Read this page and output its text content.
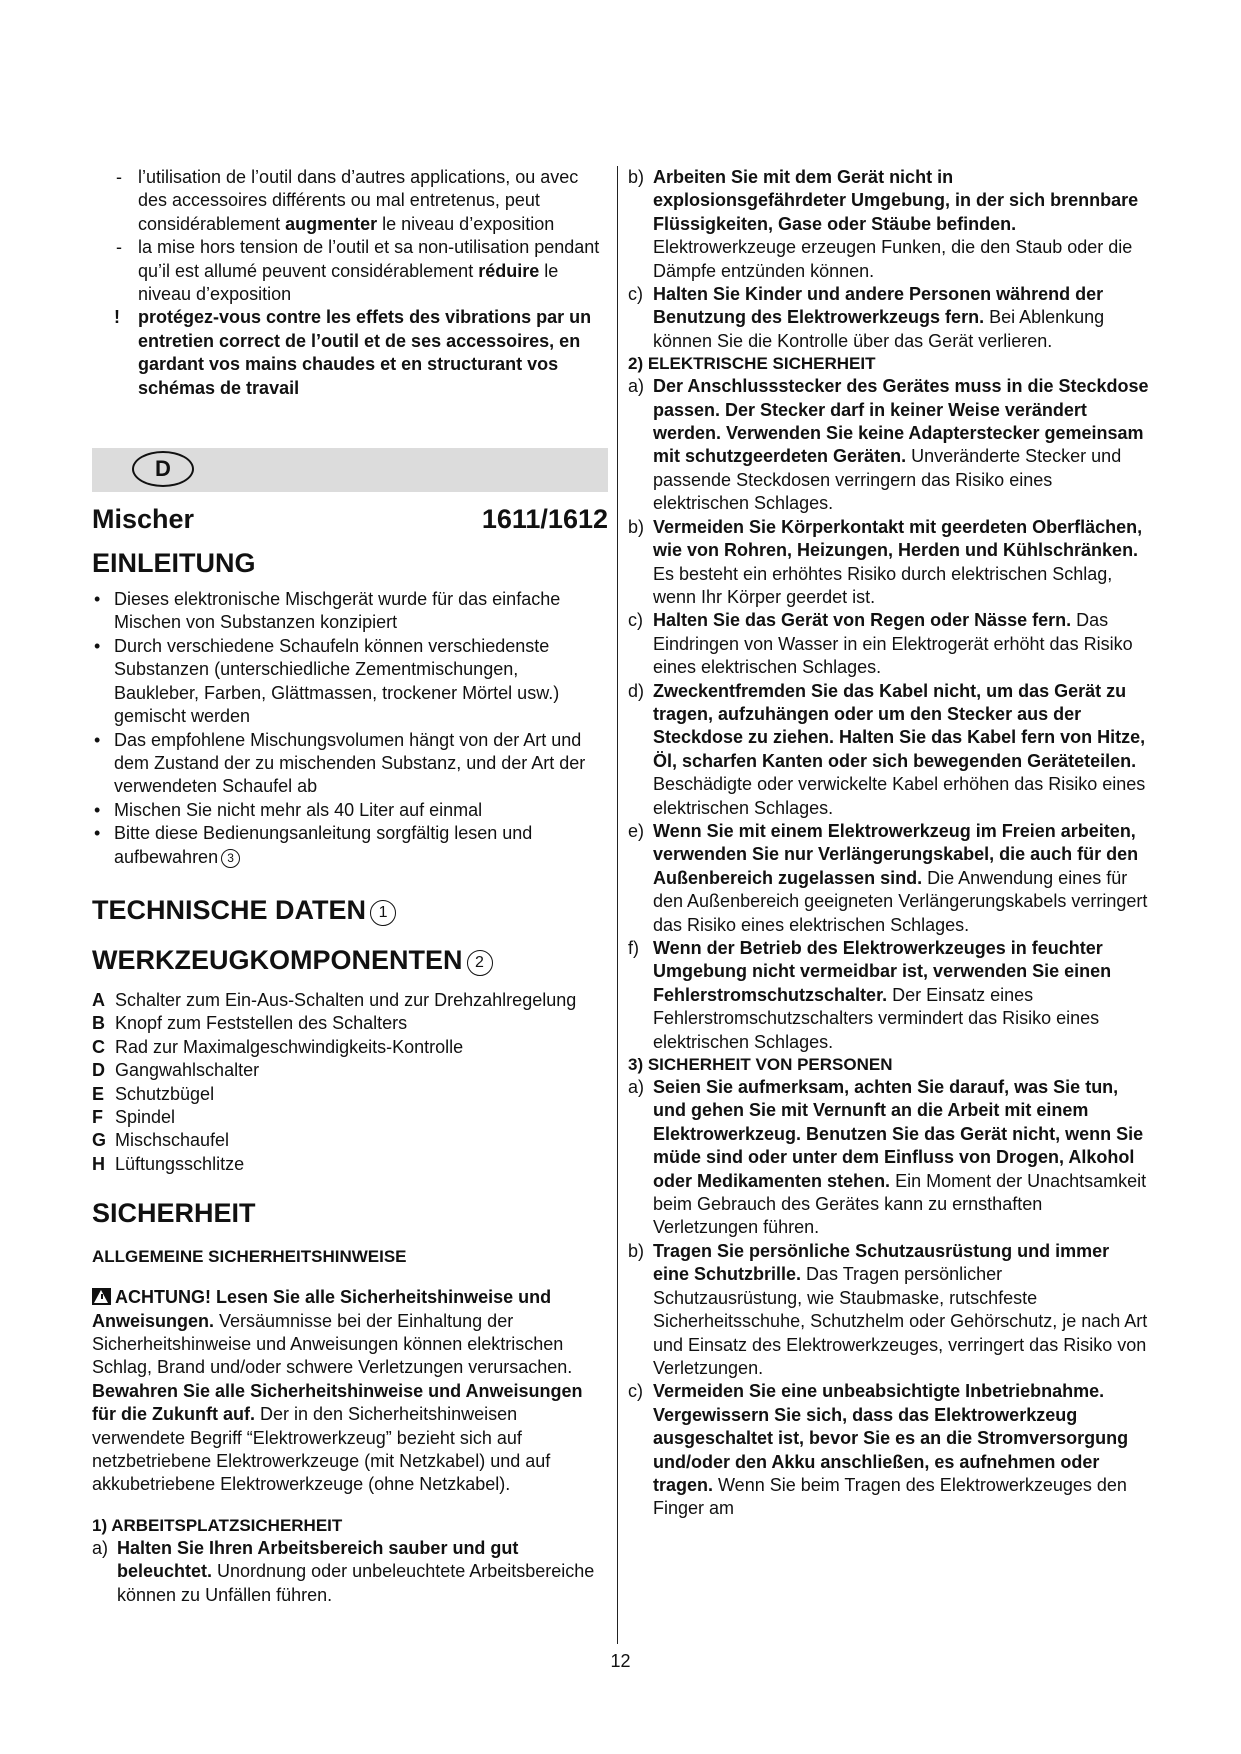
- l’utilisation de l’outil dans d’autres applications, ou avec des accessoires différents ou mal entretenus, peut considérablement augmenter le niveau d’exposition

- la mise hors tension de l’outil et sa non-utilisation pendant qu’il est allumé peuvent considérablement réduire le niveau d’exposition

! protégez-vous contre les effets des vibrations par un entretien correct de l’outil et de ses accessoires, en gardant vos mains chaudes et en structurant vos schémas de travail

D
Mischer	1611/1612
EINLEITUNG

• Dieses elektronische Mischgerät wurde für das einfache Mischen von Substanzen konzipiert

• Durch verschiedene Schaufeln können verschiedenste Substanzen (unterschiedliche Zementmischungen, Baukleber, Farben, Glättmassen, trockener Mörtel usw.) gemischt werden

• Das empfohlene Mischungsvolumen hängt von der Art und dem Zustand der zu mischenden Substanz, und der Art der verwendeten Schaufel ab

• Mischen Sie nicht mehr als 40 Liter auf einmal

• Bitte diese Bedienungsanleitung sorgfältig lesen und aufbewahren 3

TECHNISCHE DATEN 1
WERKZEUGKOMPONENTEN 2

A Schalter zum Ein-Aus-Schalten und zur Drehzahlregelung

B Knopf zum Feststellen des Schalters

C Rad zur Maximalgeschwindigkeits-Kontrolle

D Gangwahlschalter

E Schutzbügel

F Spindel

G Mischschaufel

H Lüftungsschlitze

SICHERHEIT
ALLGEMEINE SICHERHEITSHINWEISE

ACHTUNG! Lesen Sie alle Sicherheitshinweise und Anweisungen. Versäumnisse bei der Einhaltung der Sicherheitshinweise und Anweisungen können elektrischen Schlag, Brand und/oder schwere Verletzungen verursachen. Bewahren Sie alle Sicherheitshinweise und Anweisungen für die Zukunft auf. Der in den Sicherheitshinweisen verwendete Begriff “Elektrowerkzeug” bezieht sich auf netzbetriebene Elektrowerkzeuge (mit Netzkabel) und auf akkubetriebene Elektrowerkzeuge (ohne Netzkabel).

1) ARBEITSPLATZSICHERHEIT

a) Halten Sie Ihren Arbeitsbereich sauber und gut beleuchtet. Unordnung oder unbeleuchtete Arbeitsbereiche können zu Unfällen führen.

b) Arbeiten Sie mit dem Gerät nicht in explosionsgefährdeter Umgebung, in der sich brennbare Flüssigkeiten, Gase oder Stäube befinden. Elektrowerkzeuge erzeugen Funken, die den Staub oder die Dämpfe entzünden können.

c) Halten Sie Kinder und andere Personen während der Benutzung des Elektrowerkzeugs fern. Bei Ablenkung können Sie die Kontrolle über das Gerät verlieren.

2) ELEKTRISCHE SICHERHEIT

a) Der Anschlussstecker des Gerätes muss in die Steckdose passen. Der Stecker darf in keiner Weise verändert werden. Verwenden Sie keine Adapterstecker gemeinsam mit schutzgeerdeten Geräten. Unveränderte Stecker und passende Steckdosen verringern das Risiko eines elektrischen Schlages.

b) Vermeiden Sie Körperkontakt mit geerdeten Oberflächen, wie von Rohren, Heizungen, Herden und Kühlschränken. Es besteht ein erhöhtes Risiko durch elektrischen Schlag, wenn Ihr Körper geerdet ist.

c) Halten Sie das Gerät von Regen oder Nässe fern. Das Eindringen von Wasser in ein Elektrogerät erhöht das Risiko eines elektrischen Schlages.

d) Zweckentfremden Sie das Kabel nicht, um das Gerät zu tragen, aufzuhängen oder um den Stecker aus der Steckdose zu ziehen. Halten Sie das Kabel fern von Hitze, Öl, scharfen Kanten oder sich bewegenden Geräteteilen. Beschädigte oder verwickelte Kabel erhöhen das Risiko eines elektrischen Schlages.

e) Wenn Sie mit einem Elektrowerkzeug im Freien arbeiten, verwenden Sie nur Verlängerungskabel, die auch für den Außenbereich zugelassen sind. Die Anwendung eines für den Außenbereich geeigneten Verlängerungskabels verringert das Risiko eines elektrischen Schlages.

f) Wenn der Betrieb des Elektrowerkzeuges in feuchter Umgebung nicht vermeidbar ist, verwenden Sie einen Fehlerstromschutzschalter. Der Einsatz eines Fehlerstromschutzschalters vermindert das Risiko eines elektrischen Schlages.

3) SICHERHEIT VON PERSONEN

a) Seien Sie aufmerksam, achten Sie darauf, was Sie tun, und gehen Sie mit Vernunft an die Arbeit mit einem Elektrowerkzeug. Benutzen Sie das Gerät nicht, wenn Sie müde sind oder unter dem Einfluss von Drogen, Alkohol oder Medikamenten stehen. Ein Moment der Unachtsamkeit beim Gebrauch des Gerätes kann zu ernsthaften Verletzungen führen.

b) Tragen Sie persönliche Schutzausrüstung und immer eine Schutzbrille. Das Tragen persönlicher Schutzausrüstung, wie Staubmaske, rutschfeste Sicherheitsschuhe, Schutzhelm oder Gehörschutz, je nach Art und Einsatz des Elektrowerkzeuges, verringert das Risiko von Verletzungen.

c) Vermeiden Sie eine unbeabsichtigte Inbetriebnahme. Vergewissern Sie sich, dass das Elektrowerkzeug ausgeschaltet ist, bevor Sie es an die Stromversorgung und/oder den Akku anschließen, es aufnehmen oder tragen. Wenn Sie beim Tragen des Elektrowerkzeuges den Finger am

12
